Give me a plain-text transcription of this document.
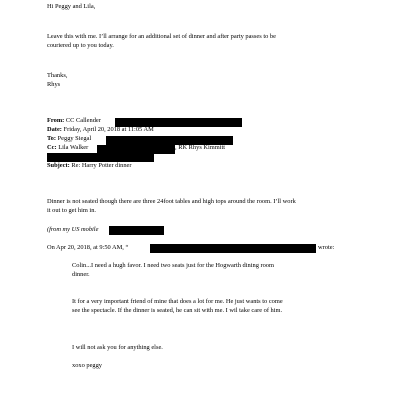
Hi Peggy and Lila,
Leave this with me. I’ll arrange for an additional set of dinner and after party passes to be
couriered up to you today.
Thanks,
Rhys
From: CC Callender
Date: Friday, April 20, 2018 at 11:05 AM
To: Peggy Siegal
Cc: Lila Walker	, RK Rhys Kimmitt
Subject: Re: Harry Potter dinner
Dinner is not seated though there are three 24foot tables and high tops around the room. I’ll work
it out to get him in.
(from my US mobile
On Apr 20, 2018, at 9:50 AM, “	wrote:
Colin...I need a hugh favor. I need two seats just for the Hogwarth dining room
dinner.
It for a very important friend of mine that does a lot for me. He just wants to come
see the spectacle. If the dinner is seated, he can sit with me. I wil take care of him.
I will not ask you for anything else.
xoxo peggy
